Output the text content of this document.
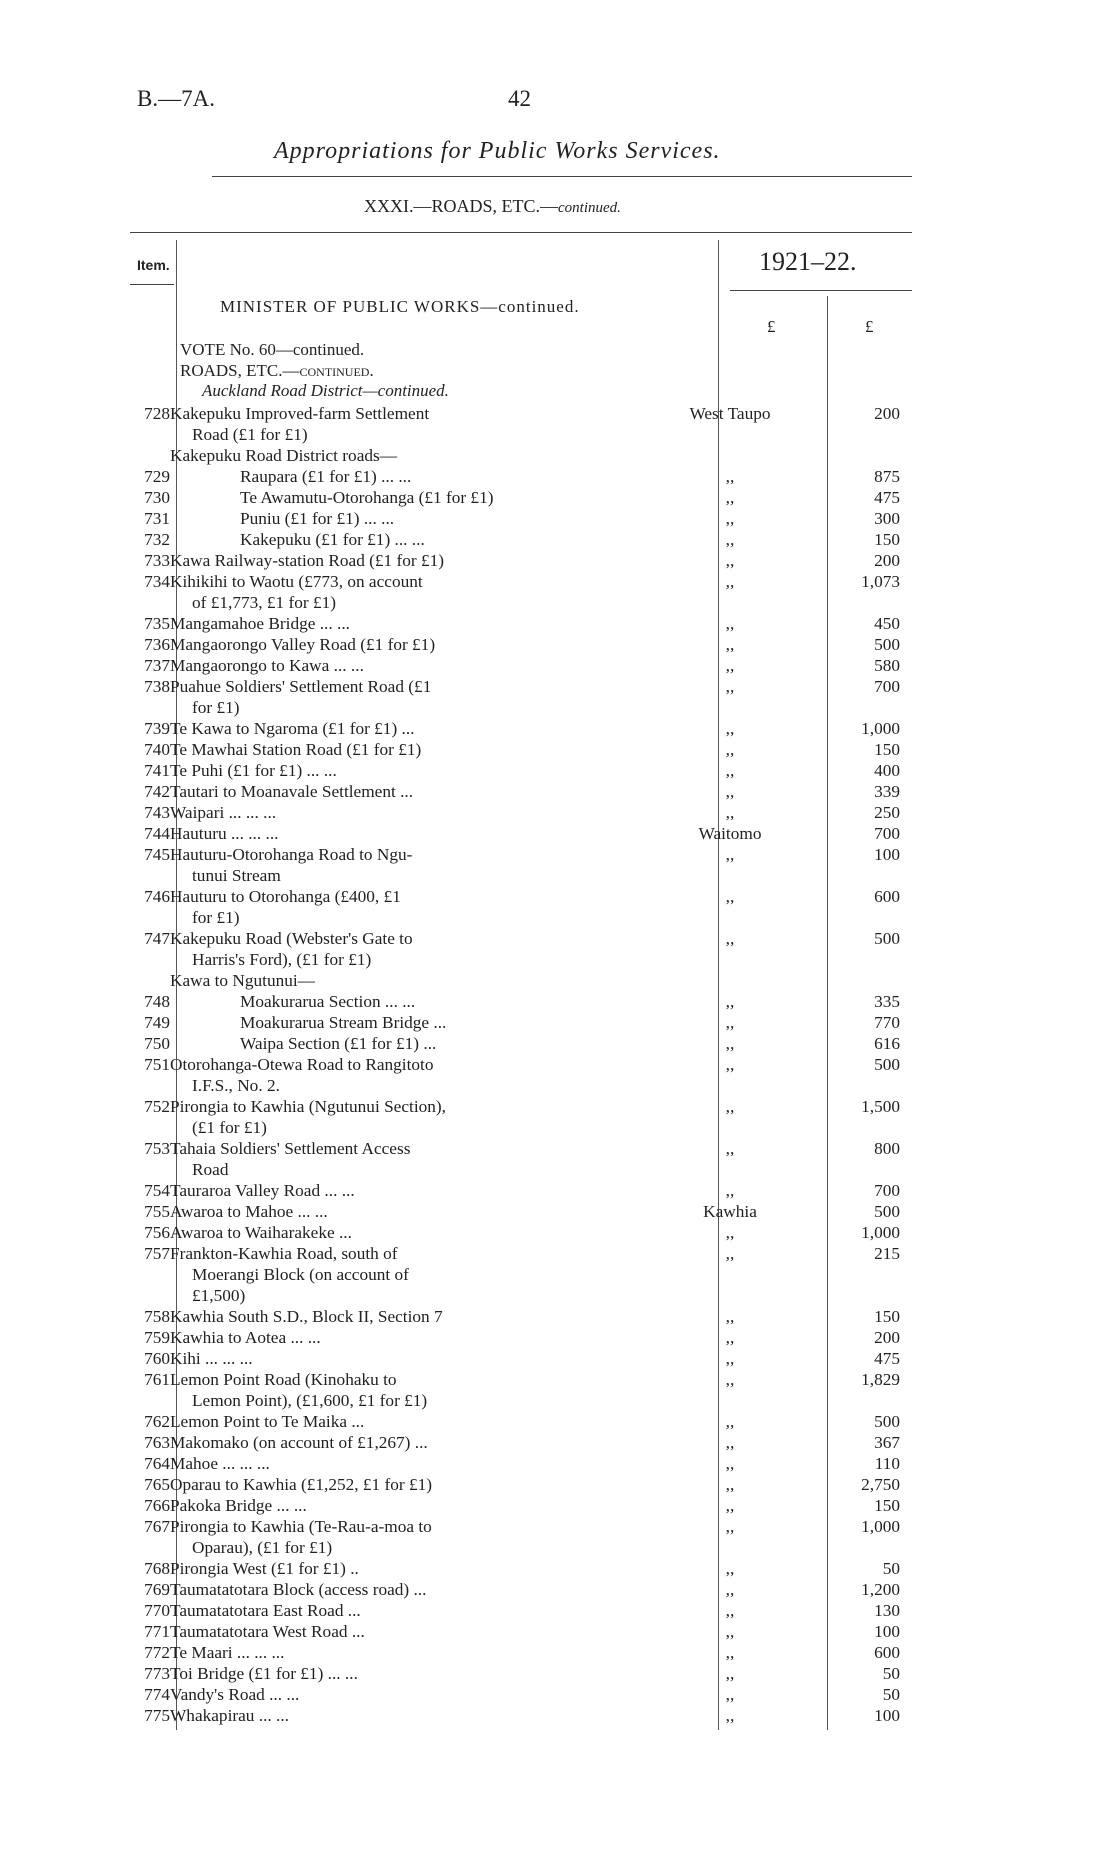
B.—7A.	42
Appropriations for Public Works Services.
XXXI.—ROADS, ETC.—continued.
Item.	1921–22.
£	£
MINISTER OF PUBLIC WORKS—continued.
VOTE No. 60—continued.
ROADS, ETC.—continued.
Auckland Road District—continued.
728	Kakepuku Improved-farm Settlement
Road (£1 for £1)	West Taupo	200
	Kakepuku Road District roads—		
729	Raupara (£1 for £1) ... ...	,,	875
730	Te Awamutu-Otorohanga (£1 for £1)	,,	475
731	Puniu (£1 for £1) ... ...	,,	300
732	Kakepuku (£1 for £1) ... ...	,,	150
733	Kawa Railway-station Road (£1 for £1)	,,	200
734	Kihikihi to Waotu (£773, on account
of £1,773, £1 for £1)	,,	1,073
735	Mangamahoe Bridge ... ...	,,	450
736	Mangaorongo Valley Road (£1 for £1)	,,	500
737	Mangaorongo to Kawa ... ...	,,	580
738	Puahue Soldiers' Settlement Road (£1
for £1)	,,	700
739	Te Kawa to Ngaroma (£1 for £1) ...	,,	1,000
740	Te Mawhai Station Road (£1 for £1)	,,	150
741	Te Puhi (£1 for £1) ... ...	,,	400
742	Tautari to Moanavale Settlement ...	,,	339
743	Waipari ... ... ...	,,	250
744	Hauturu ... ... ...	Waitomo	700
745	Hauturu-Otorohanga Road to Ngu-
tunui Stream	,,	100
746	Hauturu to Otorohanga (£400, £1
for £1)	,,	600
747	Kakepuku Road (Webster's Gate to
Harris's Ford), (£1 for £1)	,,	500
	Kawa to Ngutunui—		
748	Moakurarua Section ... ...	,,	335
749	Moakurarua Stream Bridge ...	,,	770
750	Waipa Section (£1 for £1) ...	,,	616
751	Otorohanga-Otewa Road to Rangitoto
I.F.S., No. 2.	,,	500
752	Pirongia to Kawhia (Ngutunui Section),
(£1 for £1)	,,	1,500
753	Tahaia Soldiers' Settlement Access
Road	,,	800
754	Tauraroa Valley Road ... ...	,,	700
755	Awaroa to Mahoe ... ...	Kawhia	500
756	Awaroa to Waiharakeke ...	,,	1,000
757	Frankton-Kawhia Road, south of
Moerangi Block (on account of
£1,500)	,,	215
758	Kawhia South S.D., Block II, Section 7	,,	150
759	Kawhia to Aotea ... ...	,,	200
760	Kihi ... ... ...	,,	475
761	Lemon Point Road (Kinohaku to
Lemon Point), (£1,600, £1 for £1)	,,	1,829
762	Lemon Point to Te Maika ...	,,	500
763	Makomako (on account of £1,267) ...	,,	367
764	Mahoe ... ... ...	,,	110
765	Oparau to Kawhia (£1,252, £1 for £1)	,,	2,750
766	Pakoka Bridge ... ...	,,	150
767	Pirongia to Kawhia (Te-Rau-a-moa to
Oparau), (£1 for £1)	,,	1,000
768	Pirongia West (£1 for £1) ..	,,	50
769	Taumatatotara Block (access road) ...	,,	1,200
770	Taumatatotara East Road ...	,,	130
771	Taumatatotara West Road ...	,,	100
772	Te Maari ... ... ...	,,	600
773	Toi Bridge (£1 for £1) ... ...	,,	50
774	Vandy's Road ... ...	,,	50
775	Whakapirau ... ...	,,	100
